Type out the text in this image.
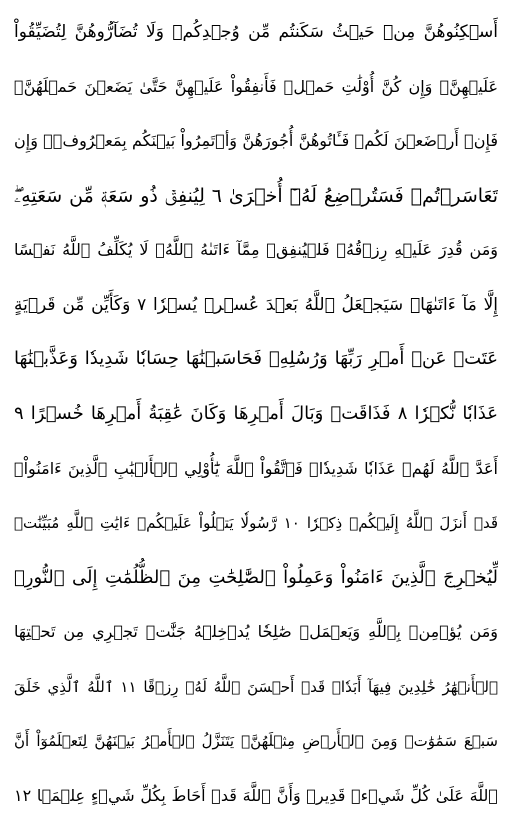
أَسۡكِنُوهُنَّ مِنۡ حَيۡثُ سَكَنتُم مِّن وُجۡدِكُمۡ وَلَا تُضَآرُّوهُنَّ لِتُضَيِّقُواْ
عَلَيۡهِنَّۚ وَإِن كُنَّ أُوْلَٰتِ حَمۡلٖ فَأَنفِقُواْ عَلَيۡهِنَّ حَتَّىٰ يَضَعۡنَ حَمۡلَهُنَّۚ
فَإِنۡ أَرۡضَعۡنَ لَكُمۡ فَـَٔاتُوهُنَّ أُجُورَهُنَّ وَأۡتَمِرُواْ بَيۡنَكُم بِمَعۡرُوفٖۖ وَإِن
تَعَاسَرۡتُمۡ فَسَتُرۡضِعُ لَهُۥٓ أُخۡرَىٰ ٦ لِيُنفِقۡ ذُو سَعَةٖ مِّن سَعَتِهِۦۖ
وَمَن قُدِرَ عَلَيۡهِ رِزۡقُهُۥ فَلۡيُنفِقۡ مِمَّآ ءَاتَىٰهُ ٱللَّهُۚ لَا يُكَلِّفُ ٱللَّهُ نَفۡسًا
إِلَّا مَآ ءَاتَىٰهَاۚ سَيَجۡعَلُ ٱللَّهُ بَعۡدَ عُسۡرٖ يُسۡرٗا ٧ وَكَأَيِّن مِّن قَرۡيَةٍ
عَتَتۡ عَنۡ أَمۡرِ رَبِّهَا وَرُسُلِهِۦ فَحَاسَبۡنَٰهَا حِسَابٗا شَدِيدٗا وَعَذَّبۡنَٰهَا
عَذَابٗا نُّكۡرٗا ٨ فَذَاقَتۡ وَبَالَ أَمۡرِهَا وَكَانَ عَٰقِبَةُ أَمۡرِهَا خُسۡرًا ٩
أَعَدَّ ٱللَّهُ لَهُمۡ عَذَابٗا شَدِيدٗاۖ فَٱتَّقُواْ ٱللَّهَ يَٰٓأُوْلِي ٱلۡأَلۡبَٰبِ ٱلَّذِينَ ءَامَنُواْۚ
قَدۡ أَنزَلَ ٱللَّهُ إِلَيۡكُمۡ ذِكۡرٗا ١٠ رَّسُولٗا يَتۡلُواْ عَلَيۡكُمۡ ءَايَٰتِ ٱللَّهِ مُبَيِّنَٰتٖ
لِّيُخۡرِجَ ٱلَّذِينَ ءَامَنُواْ وَعَمِلُواْ ٱلصَّٰلِحَٰتِ مِنَ ٱلظُّلُمَٰتِ إِلَى ٱلنُّورِۚ
وَمَن يُؤۡمِنۢ بِٱللَّهِ وَيَعۡمَلۡ صَٰلِحٗا يُدۡخِلۡهُ جَنَّٰتٖ تَجۡرِي مِن تَحۡتِهَا
ٱلۡأَنۡهَٰرُ خَٰلِدِينَ فِيهَآ أَبَدٗاۖ قَدۡ أَحۡسَنَ ٱللَّهُ لَهُۥ رِزۡقًا ١١ ٱللَّهُ ٱلَّذِي خَلَقَ
سَبۡعَ سَمَٰوَٰتٖ وَمِنَ ٱلۡأَرۡضِ مِثۡلَهُنَّۖ يَتَنَزَّلُ ٱلۡأَمۡرُ بَيۡنَهُنَّ لِتَعۡلَمُوٓاْ أَنَّ
ٱللَّهَ عَلَىٰ كُلِّ شَيۡءٖ قَدِيرٞ وَأَنَّ ٱللَّهَ قَدۡ أَحَاطَ بِكُلِّ شَيۡءٍ عِلۡمَۢا ١٢
